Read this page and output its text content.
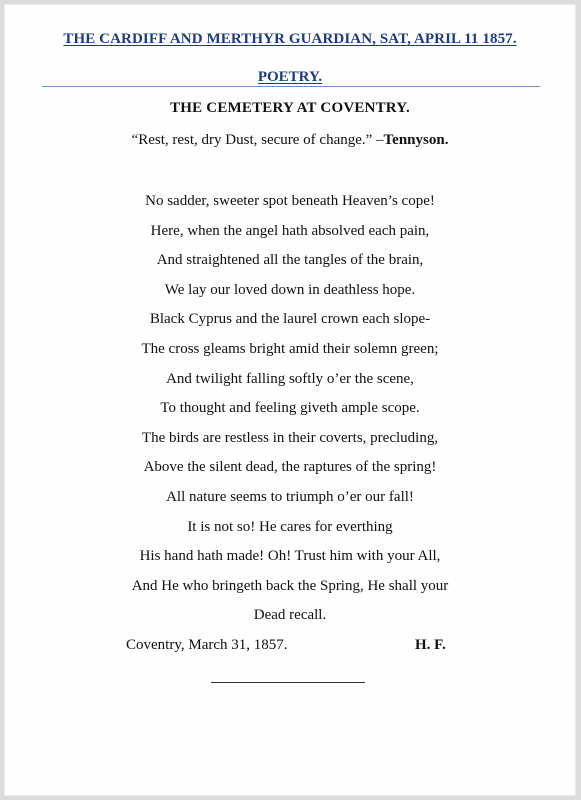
THE CARDIFF AND MERTHYR GUARDIAN, SAT, APRIL 11 1857.
POETRY.
THE CEMETERY AT COVENTRY.
“Rest, rest, dry Dust, secure of change.” –Tennyson.
No sadder, sweeter spot beneath Heaven’s cope!
Here, when the angel hath absolved each pain,
And straightened all the tangles of the brain,
We lay our loved down in deathless hope.
Black Cyprus and the laurel crown each slope-
The cross gleams bright amid their solemn green;
And twilight falling softly o’er the scene,
To thought and feeling giveth ample scope.
The birds are restless in their coverts, precluding,
Above the silent dead, the raptures of the spring!
All nature seems to triumph o’er our fall!
It is not so! He cares for everthing
His hand hath made! Oh! Trust him with your All,
And He who bringeth back the Spring, He shall your
Dead recall.
Coventry, March 31, 1857.	H. F.
